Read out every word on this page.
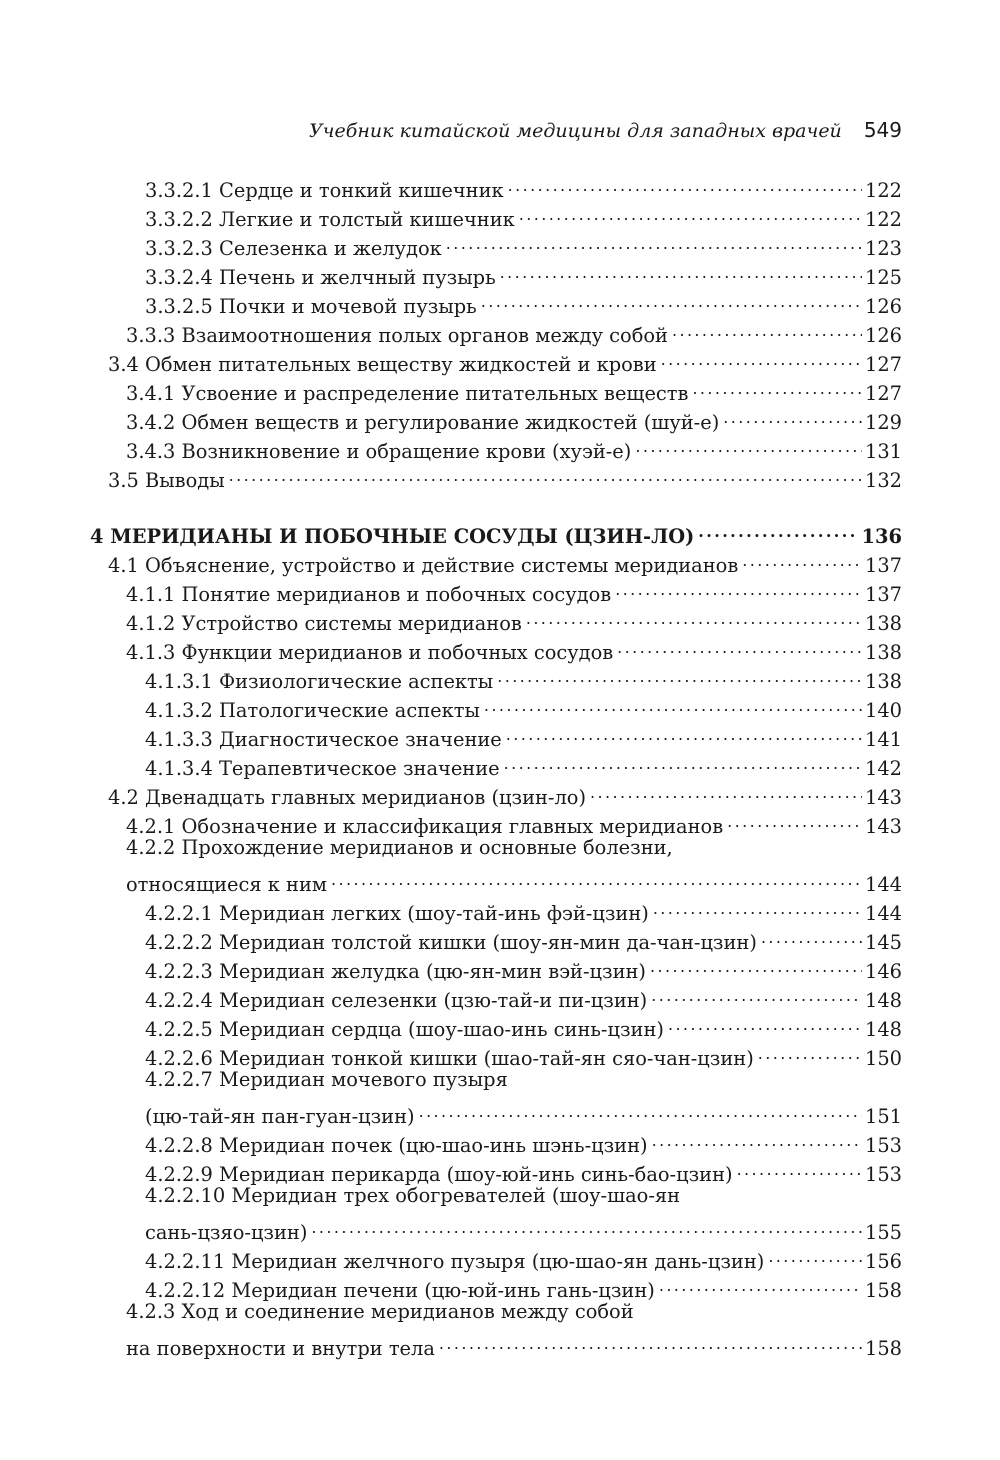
Учебник китайской медицины для западных врачей 549
3.3.2.1 Сердце и тонкий кишечник .....	122
3.3.2.2 Легкие и толстый кишечник .....	122
3.3.2.3 Селезенка и желудок .....	123
3.3.2.4 Печень и желчный пузырь .....	125
3.3.2.5 Почки и мочевой пузырь .....	126
3.3.3 Взаимоотношения полых органов между собой .....	126
3.4 Обмен питательных веществу жидкостей и крови .....	127
3.4.1 Усвоение и распределение питательных веществ .....	127
3.4.2 Обмен веществ и регулирование жидкостей (шуй-е) .....	129
3.4.3 Возникновение и обращение крови (хуэй-е) .....	131
3.5 Выводы .....	132
4 МЕРИДИАНЫ И ПОБОЧНЫЕ СОСУДЫ (ЦЗИН-ЛО) .....	136
4.1 Объяснение, устройство и действие системы меридианов .....	137
4.1.1 Понятие меридианов и побочных сосудов .....	137
4.1.2 Устройство системы меридианов .....	138
4.1.3 Функции меридианов и побочных сосудов .....	138
4.1.3.1 Физиологические аспекты .....	138
4.1.3.2 Патологические аспекты .....	140
4.1.3.3 Диагностическое значение .....	141
4.1.3.4 Терапевтическое значение .....	142
4.2 Двенадцать главных меридианов (цзин-ло) .....	143
4.2.1 Обозначение и классификация главных меридианов .....	143
4.2.2 Прохождение меридианов и основные болезни,
относящиеся к ним .....	144
4.2.2.1 Меридиан легких (шоу-тай-инь фэй-цзин) .....	144
4.2.2.2 Меридиан толстой кишки (шоу-ян-мин да-чан-цзин) .....	145
4.2.2.3 Меридиан желудка (цю-ян-мин вэй-цзин) .....	146
4.2.2.4 Меридиан селезенки (цзю-тай-и пи-цзин) .....	148
4.2.2.5 Меридиан сердца (шоу-шао-инь синь-цзин) .....	148
4.2.2.6 Меридиан тонкой кишки (шао-тай-ян сяо-чан-цзин) .....	150
4.2.2.7 Меридиан мочевого пузыря
(цю-тай-ян пан-гуан-цзин) .....	151
4.2.2.8 Меридиан почек (цю-шао-инь шэнь-цзин) .....	153
4.2.2.9 Меридиан перикарда (шоу-юй-инь синь-бао-цзин) .....	153
4.2.2.10 Меридиан трех обогревателей (шоу-шао-ян
сань-цзяо-цзин) .....	155
4.2.2.11 Меридиан желчного пузыря (цю-шао-ян дань-цзин) .....	156
4.2.2.12 Меридиан печени (цю-юй-инь гань-цзин) .....	158
4.2.3 Ход и соединение меридианов между собой
на поверхности и внутри тела .....	158
